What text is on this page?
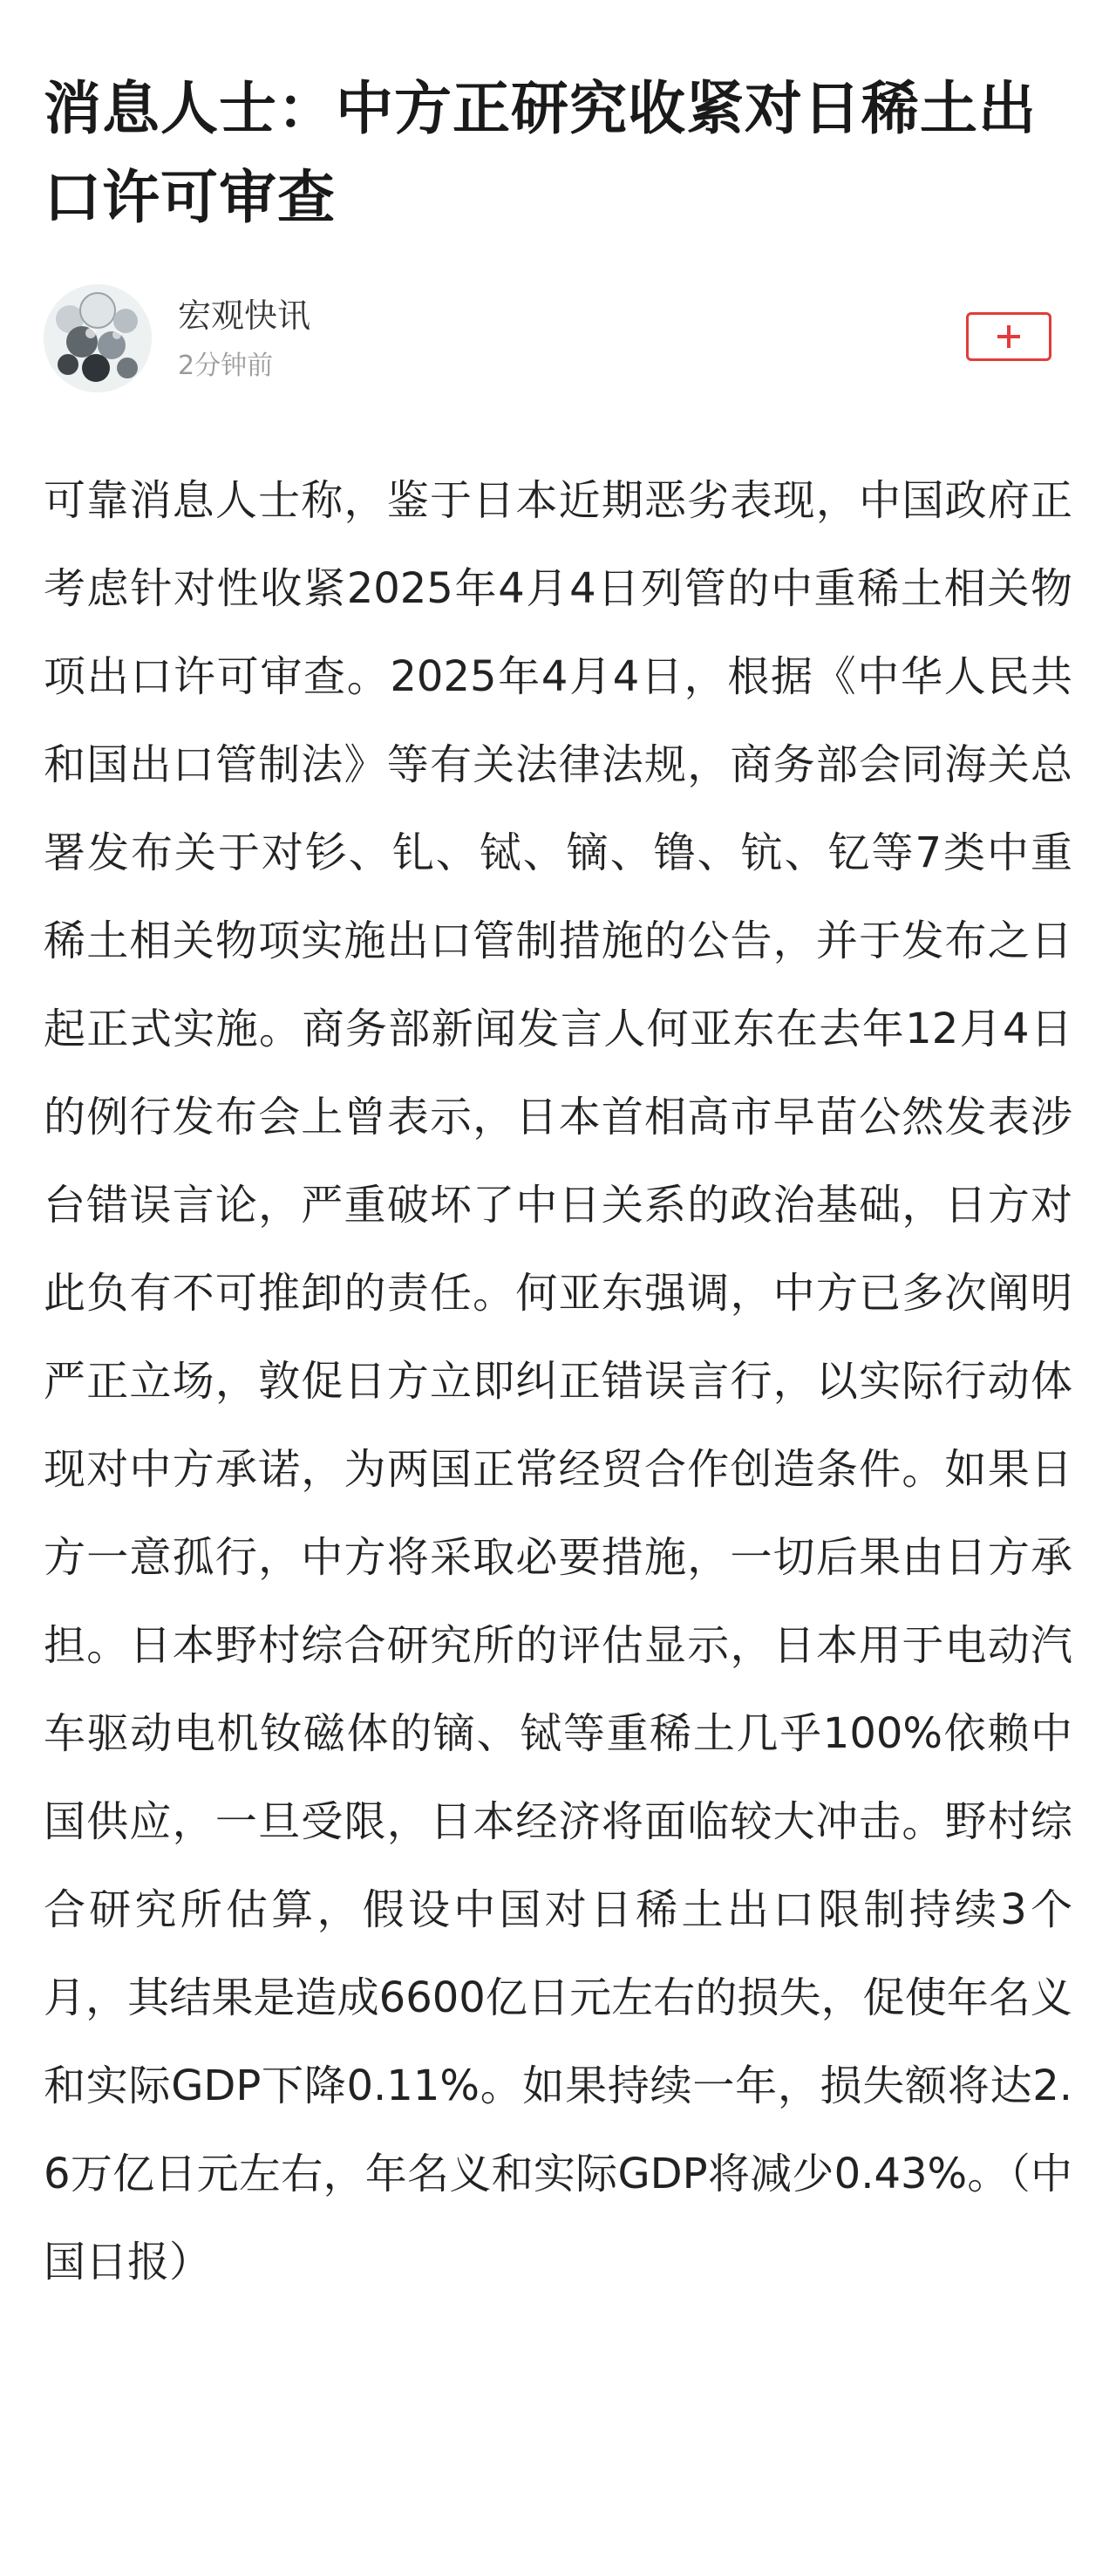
消息人士：中方正研究收紧对日稀土出口许可审查
宏观快讯
2分钟前

可靠消息人士称，鉴于日本近期恶劣表现，中国政府正考虑针对性收紧2025年4月4日列管的中重稀土相关物项出口许可审查。2025年4月4日，根据《中华人民共和国出口管制法》等有关法律法规，商务部会同海关总署发布关于对钐、钆、铽、镝、镥、钪、钇等7类中重稀土相关物项实施出口管制措施的公告，并于发布之日起正式实施。商务部新闻发言人何亚东在去年12月4日的例行发布会上曾表示，日本首相高市早苗公然发表涉台错误言论，严重破坏了中日关系的政治基础，日方对此负有不可推卸的责任。何亚东强调，中方已多次阐明严正立场，敦促日方立即纠正错误言行，以实际行动体现对中方承诺，为两国正常经贸合作创造条件。如果日方一意孤行，中方将采取必要措施，一切后果由日方承担。日本野村综合研究所的评估显示，日本用于电动汽车驱动电机钕磁体的镝、铽等重稀土几乎100%依赖中国供应，一旦受限，日本经济将面临较大冲击。野村综合研究所估算，假设中国对日稀土出口限制持续3个月，其结果是造成6600亿日元左右的损失，促使年名义和实际GDP下降0.11%。如果持续一年，损失额将达2.6万亿日元左右，年名义和实际GDP将减少0.43%。（中国日报）
